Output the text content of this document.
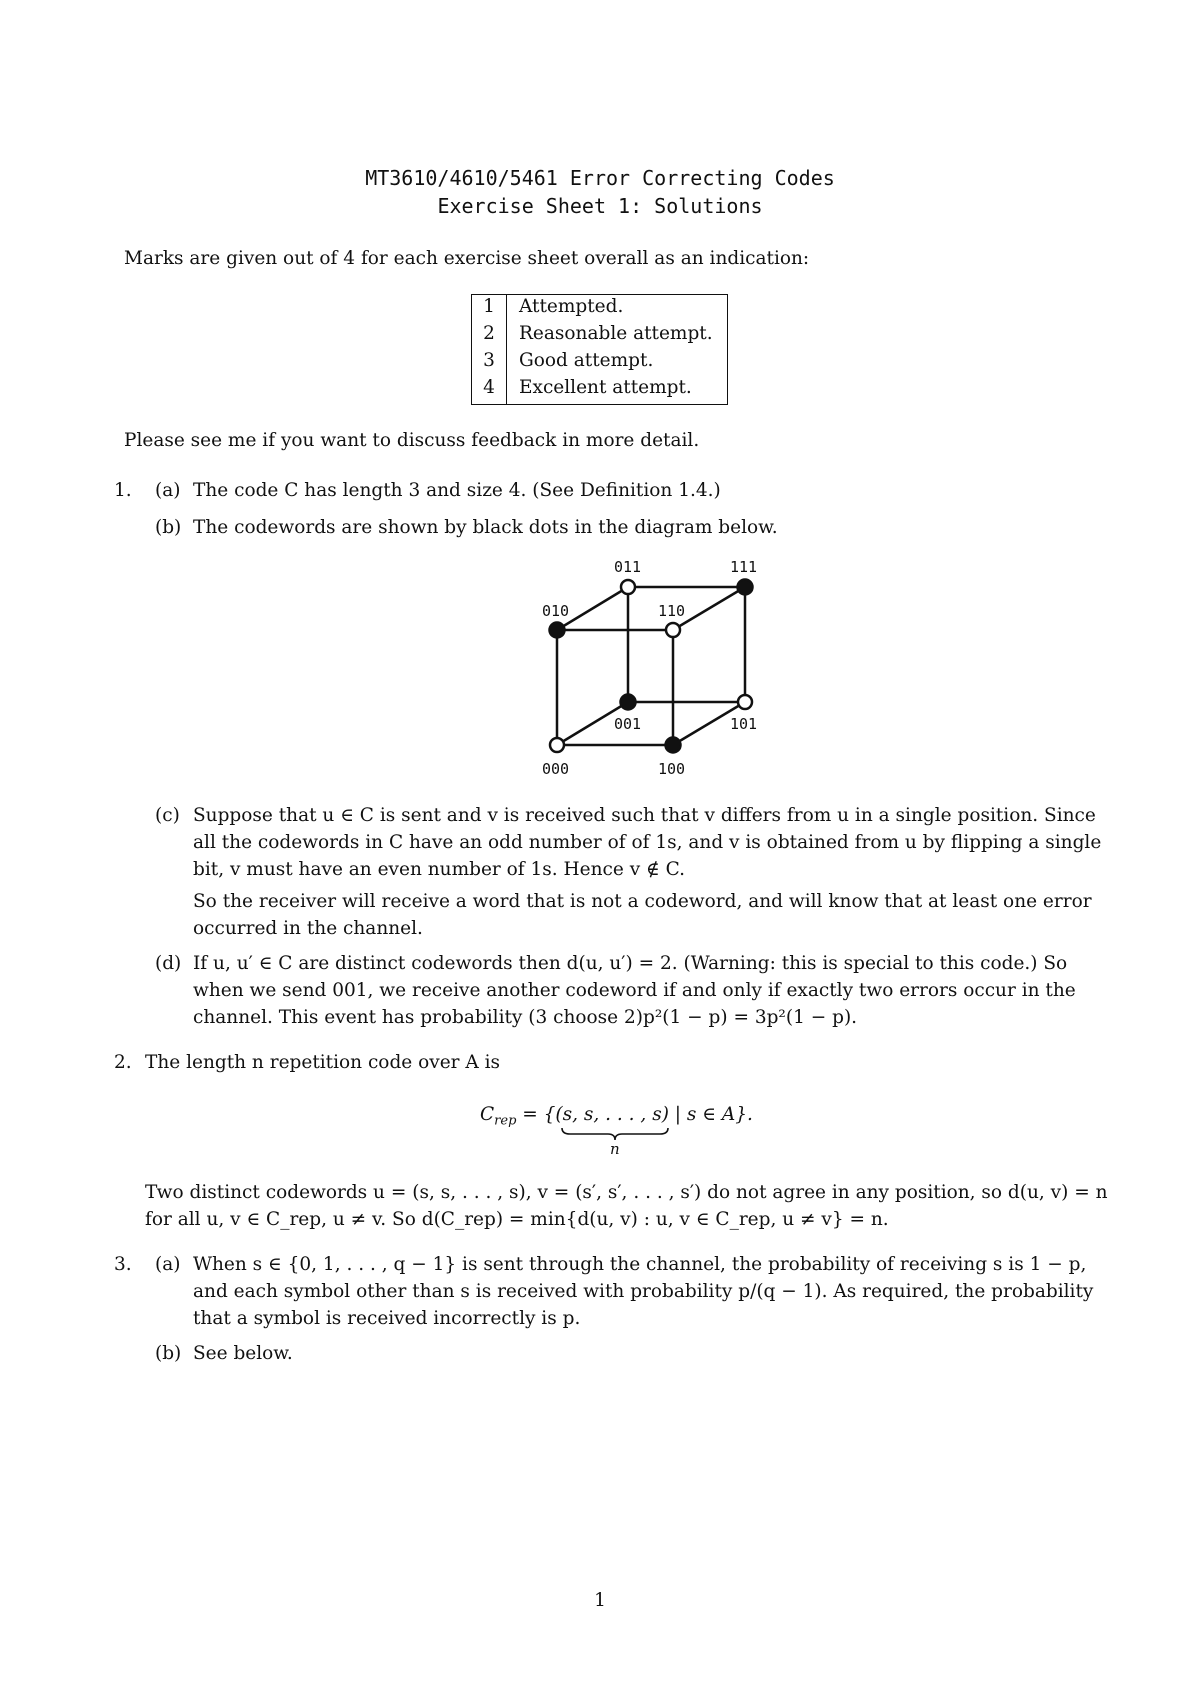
MT3610/4610/5461 Error Correcting Codes
Exercise Sheet 1: Solutions
Marks are given out of 4 for each exercise sheet overall as an indication:
1	Attempted.
2	Reasonable attempt.
3	Good attempt.
4	Excellent attempt.
Please see me if you want to discuss feedback in more detail.
1. (a) The code C has length 3 and size 4. (See Definition 1.4.)
(b) The codewords are shown by black dots in the diagram below.
000	100
001	101
010	110
011	111
(c) Suppose that u ∈ C is sent and v is received such that v differs from u in a single position. Since
all the codewords in C have an odd number of of 1s, and v is obtained from u by flipping a single
bit, v must have an even number of 1s. Hence v ∉ C.
So the receiver will receive a word that is not a codeword, and will know that at least one error
occurred in the channel.
(d) If u, u′ ∈ C are distinct codewords then d(u, u′) = 2. (Warning: this is special to this code.) So
when we send 001, we receive another codeword if and only if exactly two errors occur in the
channel. This event has probability (3 choose 2)p²(1 − p) = 3p²(1 − p).
2. The length n repetition code over A is
$C_{rep} = \{(s$, s, . . . , s) | s ∈ A}.
n
Two distinct codewords u = (s, s, . . . , s), v = (s′, s′, . . . , s′) do not agree in any position, so d(u, v) = n
for all u, v ∈ C_rep, u ≠ v. So d(C_rep) = min{d(u, v) : u, v ∈ C_rep, u ≠ v} = n.
3. (a) When s ∈ {0, 1, . . . , q − 1} is sent through the channel, the probability of receiving s is 1 − p,
and each symbol other than s is received with probability p/(q − 1). As required, the probability
that a symbol is received incorrectly is p.
(b) See below.
1
